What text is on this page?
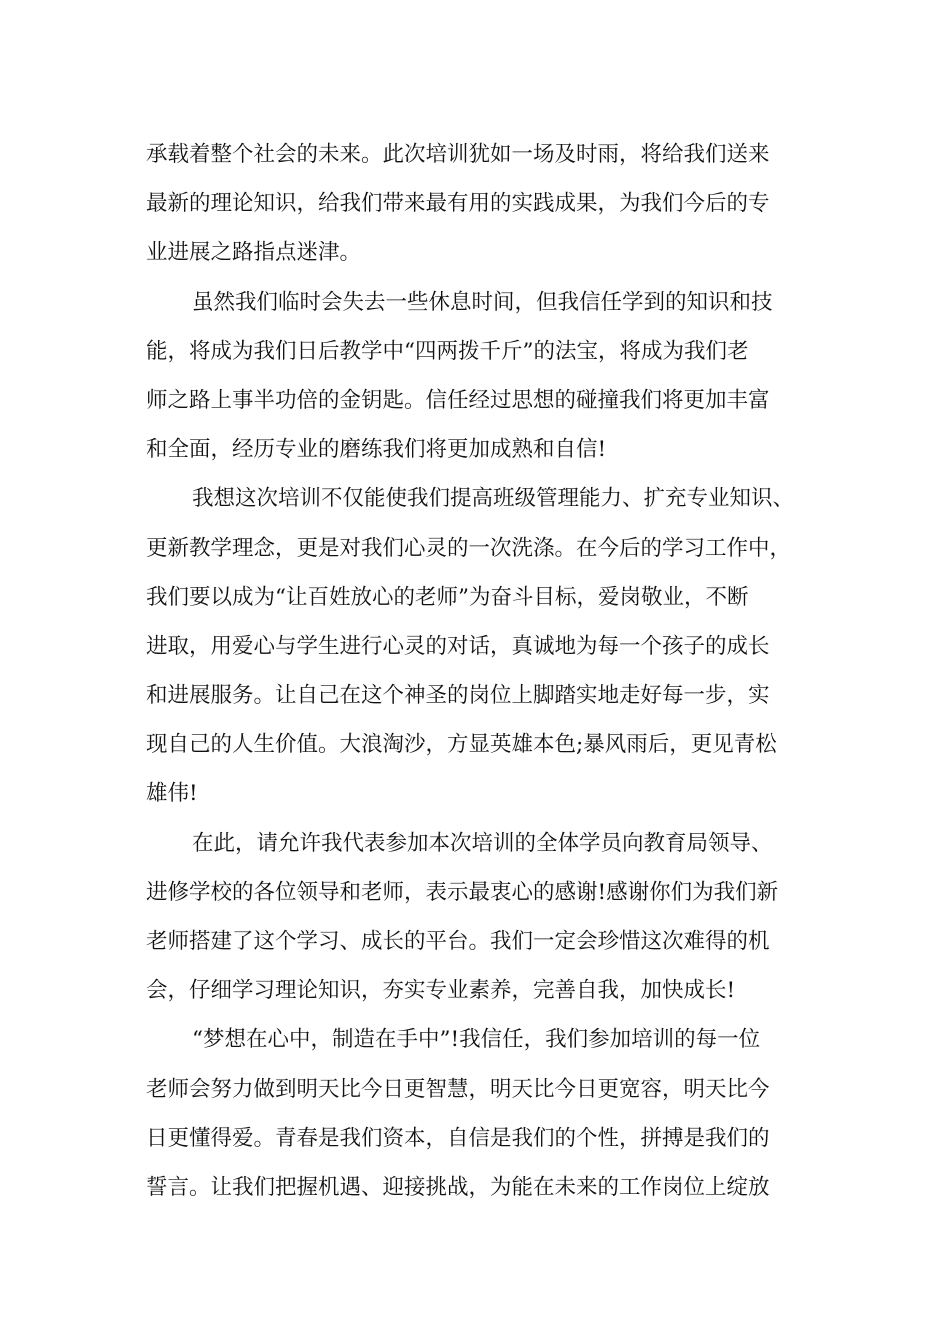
承载着整个社会的未来。此次培训犹如一场及时雨，将给我们送来
最新的理论知识，给我们带来最有用的实践成果，为我们今后的专
业进展之路指点迷津。
虽然我们临时会失去一些休息时间，但我信任学到的知识和技
能，将成为我们日后教学中“四两拨千斤”的法宝，将成为我们老
师之路上事半功倍的金钥匙。信任经过思想的碰撞我们将更加丰富
和全面，经历专业的磨练我们将更加成熟和自信!
我想这次培训不仅能使我们提高班级管理能力、扩充专业知识、
更新教学理念，更是对我们心灵的一次洗涤。在今后的学习工作中，
我们要以成为“让百姓放心的老师”为奋斗目标，爱岗敬业，不断
进取，用爱心与学生进行心灵的对话，真诚地为每一个孩子的成长
和进展服务。让自己在这个神圣的岗位上脚踏实地走好每一步，实
现自己的人生价值。大浪淘沙，方显英雄本色;暴风雨后，更见青松
雄伟!
在此，请允许我代表参加本次培训的全体学员向教育局领导、
进修学校的各位领导和老师，表示最衷心的感谢!感谢你们为我们新
老师搭建了这个学习、成长的平台。我们一定会珍惜这次难得的机
会，仔细学习理论知识，夯实专业素养，完善自我，加快成长!
“梦想在心中，制造在手中”!我信任，我们参加培训的每一位
老师会努力做到明天比今日更智慧，明天比今日更宽容，明天比今
日更懂得爱。青春是我们资本，自信是我们的个性，拼搏是我们的
誓言。让我们把握机遇、迎接挑战，为能在未来的工作岗位上绽放
